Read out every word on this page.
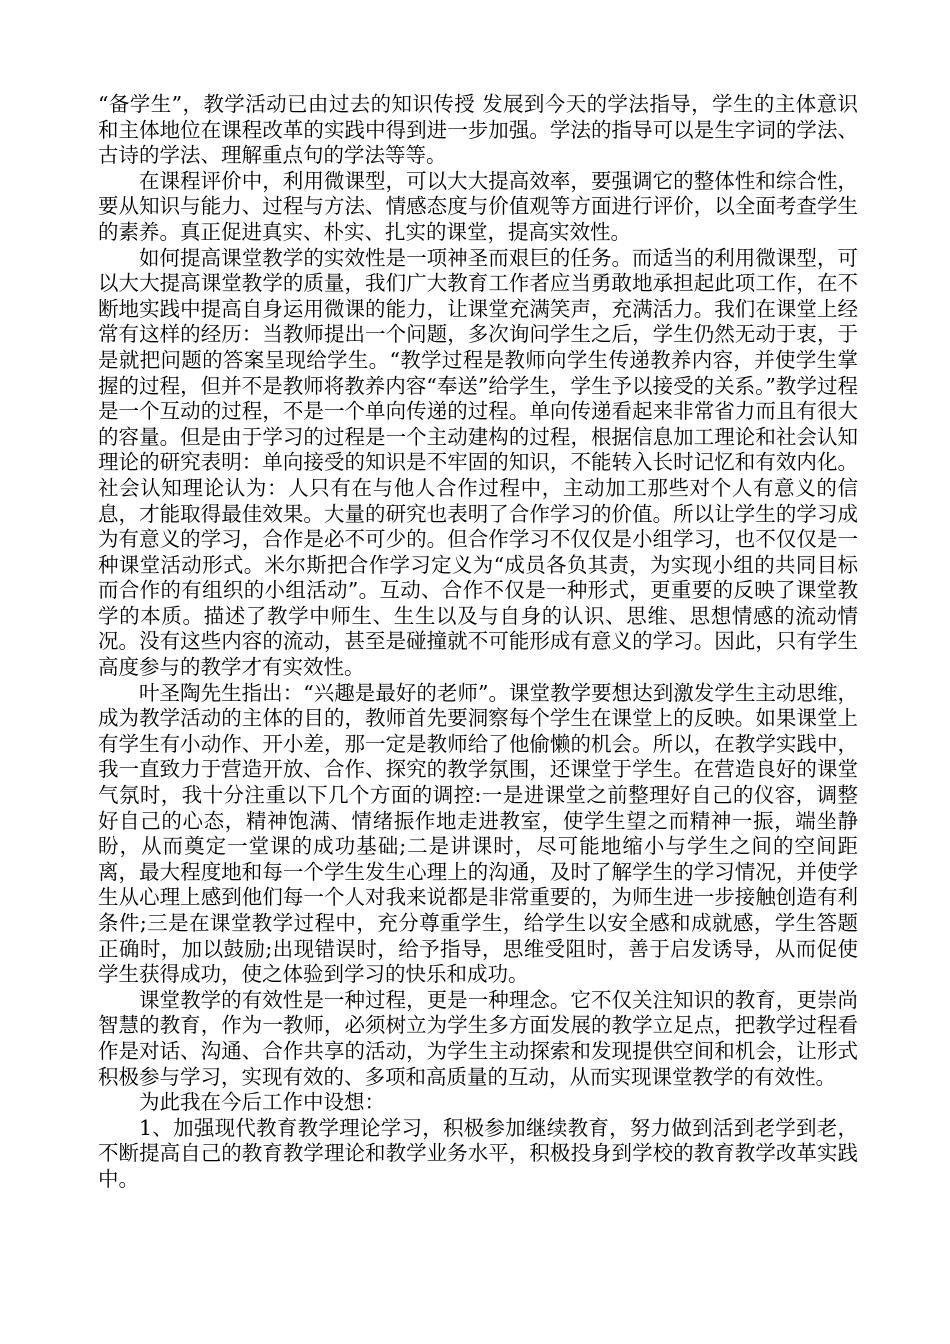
“备学生”，教学活动已由过去的知识传授 发展到今天的学法指导，学生的主体意识和主体地位在课程改革的实践中得到进一步加强。学法的指导可以是生字词的学法、古诗的学法、理解重点句的学法等等。

在课程评价中，利用微课型，可以大大提高效率，要强调它的整体性和综合性，要从知识与能力、过程与方法、情感态度与价值观等方面进行评价，以全面考查学生的素养。真正促进真实、朴实、扎实的课堂，提高实效性。

如何提高课堂教学的实效性是一项神圣而艰巨的任务。而适当的利用微课型，可以大大提高课堂教学的质量，我们广大教育工作者应当勇敢地承担起此项工作，在不断地实践中提高自身运用微课的能力，让课堂充满笑声，充满活力。我们在课堂上经常有这样的经历：当教师提出一个问题，多次询问学生之后，学生仍然无动于衷，于是就把问题的答案呈现给学生。“教学过程是教师向学生传递教养内容，并使学生掌握的过程，但并不是教师将教养内容“奉送”给学生，学生予以接受的关系。”教学过程是一个互动的过程，不是一个单向传递的过程。单向传递看起来非常省力而且有很大的容量。但是由于学习的过程是一个主动建构的过程，根据信息加工理论和社会认知理论的研究表明：单向接受的知识是不牢固的知识，不能转入长时记忆和有效内化。社会认知理论认为：人只有在与他人合作过程中，主动加工那些对个人有意义的信息，才能取得最佳效果。大量的研究也表明了合作学习的价值。所以让学生的学习成为有意义的学习，合作是必不可少的。但合作学习不仅仅是小组学习，也不仅仅是一种课堂活动形式。米尔斯把合作学习定义为“成员各负其责，为实现小组的共同目标而合作的有组织的小组活动”。互动、合作不仅是一种形式，更重要的反映了课堂教学的本质。描述了教学中师生、生生以及与自身的认识、思维、思想情感的流动情况。没有这些内容的流动，甚至是碰撞就不可能形成有意义的学习。因此，只有学生高度参与的教学才有实效性。

叶圣陶先生指出：“兴趣是最好的老师”。课堂教学要想达到激发学生主动思维，成为教学活动的主体的目的，教师首先要洞察每个学生在课堂上的反映。如果课堂上有学生有小动作、开小差，那一定是教师给了他偷懒的机会。所以，在教学实践中，我一直致力于营造开放、合作、探究的教学氛围，还课堂于学生。在营造良好的课堂气氛时，我十分注重以下几个方面的调控:一是进课堂之前整理好自己的仪容，调整好自己的心态，精神饱满、情绪振作地走进教室，使学生望之而精神一振，端坐静盼，从而奠定一堂课的成功基础;二是讲课时，尽可能地缩小与学生之间的空间距离，最大程度地和每一个学生发生心理上的沟通，及时了解学生的学习情况，并使学生从心理上感到他们每一个人对我来说都是非常重要的，为师生进一步接触创造有利条件;三是在课堂教学过程中，充分尊重学生，给学生以安全感和成就感，学生答题正确时，加以鼓励;出现错误时，给予指导，思维受阻时，善于启发诱导，从而促使学生获得成功，使之体验到学习的快乐和成功。

课堂教学的有效性是一种过程，更是一种理念。它不仅关注知识的教育，更崇尚智慧的教育，作为一教师，必须树立为学生多方面发展的教学立足点，把教学过程看作是对话、沟通、合作共享的活动，为学生主动探索和发现提供空间和机会，让形式积极参与学习，实现有效的、多项和高质量的互动，从而实现课堂教学的有效性。

为此我在今后工作中设想：

1、加强现代教育教学理论学习，积极参加继续教育，努力做到活到老学到老，不断提高自己的教育教学理论和教学业务水平，积极投身到学校的教育教学改革实践中。
